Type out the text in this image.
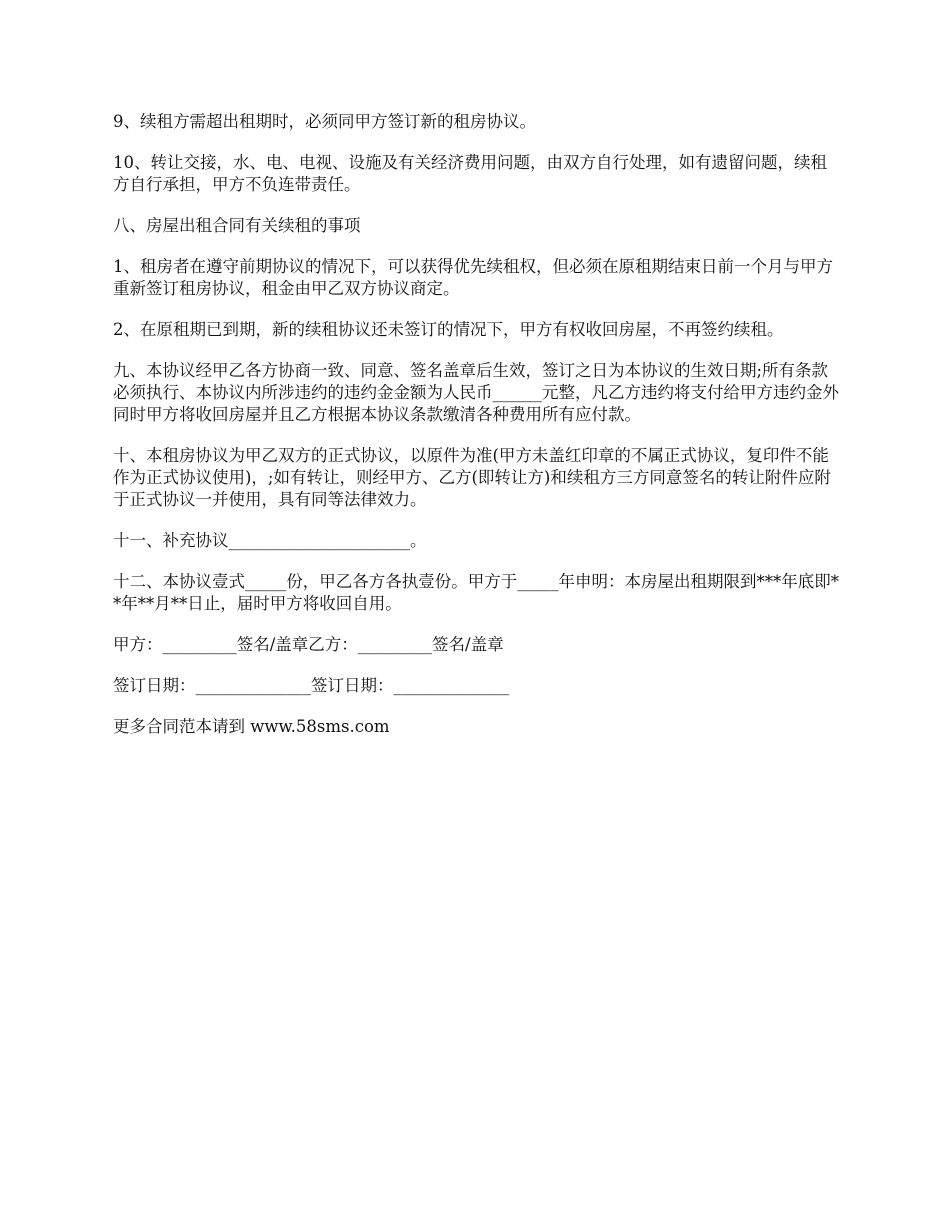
9、续租方需超出租期时，必须同甲方签订新的租房协议。

10、转让交接，水、电、电视、设施及有关经济费用问题，由双方自行处理，如有遗留问题，续租方自行承担，甲方不负连带责任。

八、房屋出租合同有关续租的事项

1、租房者在遵守前期协议的情况下，可以获得优先续租权，但必须在原租期结束日前一个月与甲方重新签订租房协议，租金由甲乙双方协议商定。

2、在原租期已到期，新的续租协议还未签订的情况下，甲方有权收回房屋，不再签约续租。

九、本协议经甲乙各方协商一致、同意、签名盖章后生效，签订之日为本协议的生效日期;所有条款必须执行、本协议内所涉违约的违约金金额为人民币______元整，凡乙方违约将支付给甲方违约金外同时甲方将收回房屋并且乙方根据本协议条款缴清各种费用所有应付款。

十、本租房协议为甲乙双方的正式协议，以原件为准(甲方未盖红印章的不属正式协议，复印件不能作为正式协议使用)，;如有转让，则经甲方、乙方(即转让方)和续租方三方同意签名的转让附件应附于正式协议一并使用，具有同等法律效力。

十一、补充协议______________________。

十二、本协议壹式_____份，甲乙各方各执壹份。甲方于_____年申明：本房屋出租期限到***年底即**年**月**日止，届时甲方将收回自用。

甲方：_________签名/盖章乙方：_________签名/盖章

签订日期：______________签订日期：______________

更多合同范本请到 www.58sms.com
